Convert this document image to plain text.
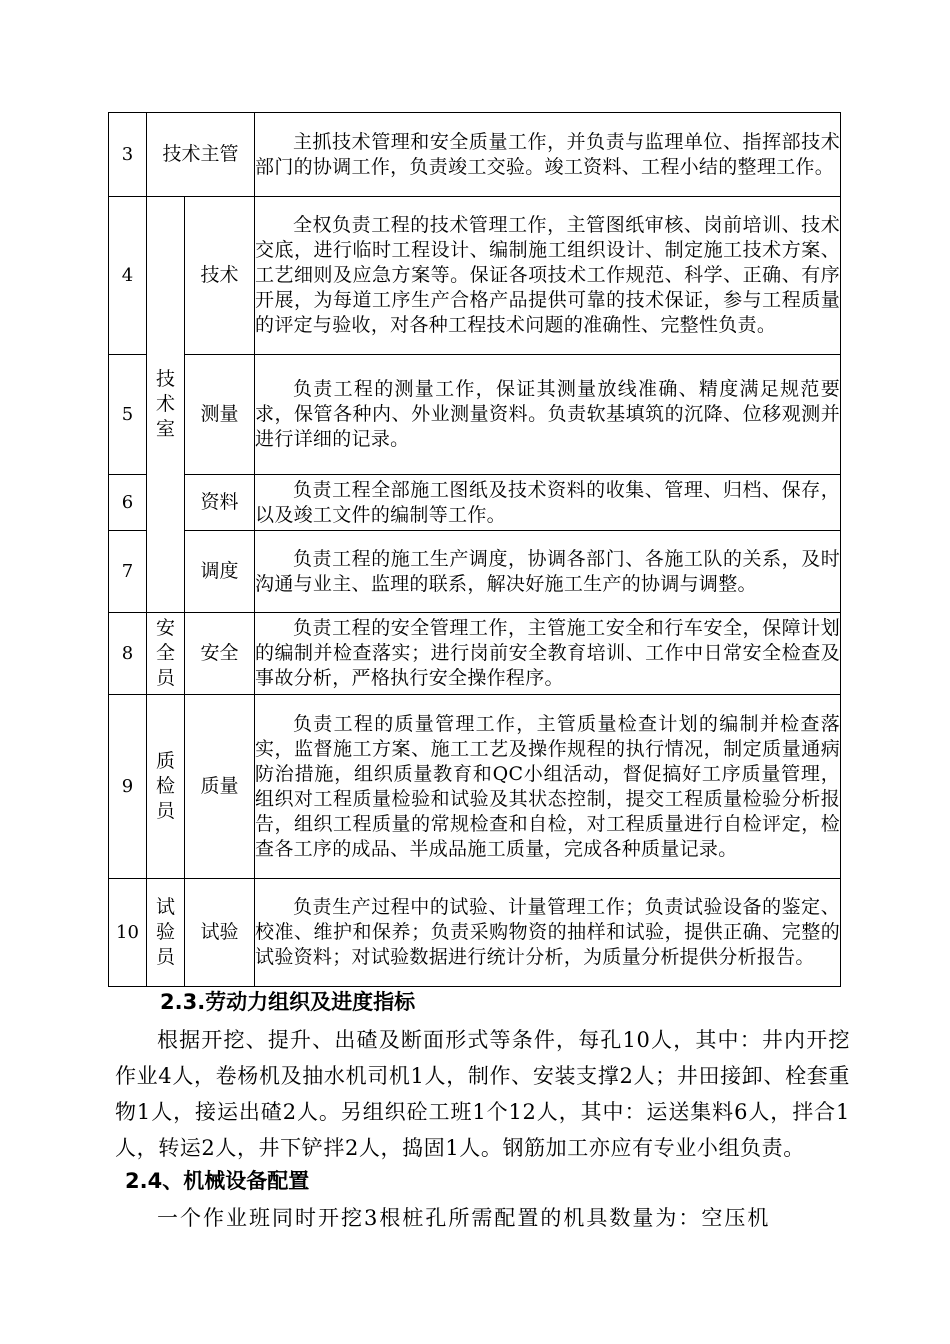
3	技术主管		主抓技术管理和安全质量工作，并负责与监理单位、指挥部技术部门的协调工作，负责竣工交验。竣工资料、工程小结的整理工作。

4	技术室	技术	全权负责工程的技术管理工作，主管图纸审核、岗前培训、技术交底，进行临时工程设计、编制施工组织设计、制定施工技术方案、工艺细则及应急方案等。保证各项技术工作规范、科学、正确、有序开展，为每道工序生产合格产品提供可靠的技术保证，参与工程质量的评定与验收，对各种工程技术问题的准确性、完整性负责。

5		测量	负责工程的测量工作，保证其测量放线准确、精度满足规范要求，保管各种内、外业测量资料。负责软基填筑的沉降、位移观测并进行详细的记录。

6		资料	负责工程全部施工图纸及技术资料的收集、管理、归档、保存，以及竣工文件的编制等工作。

7		调度	负责工程的施工生产调度，协调各部门、各施工队的关系，及时沟通与业主、监理的联系，解决好施工生产的协调与调整。

8	安全员	安全	负责工程的安全管理工作，主管施工安全和行车安全，保障计划的编制并检查落实；进行岗前安全教育培训、工作中日常安全检查及事故分析，严格执行安全操作程序。

9	质检员	质量	负责工程的质量管理工作，主管质量检查计划的编制并检查落实，监督施工方案、施工工艺及操作规程的执行情况，制定质量通病防治措施，组织质量教育和QC小组活动，督促搞好工序质量管理，组织对工程质量检验和试验及其状态控制，提交工程质量检验分析报告，组织工程质量的常规检查和自检，对工程质量进行自检评定，检查各工序的成品、半成品施工质量，完成各种质量记录。

10	试验员	试验	负责生产过程中的试验、计量管理工作；负责试验设备的鉴定、校准、维护和保养；负责采购物资的抽样和试验，提供正确、完整的试验资料；对试验数据进行统计分析，为质量分析提供分析报告。
2.3.劳动力组织及进度指标

根据开挖、提升、出碴及断面形式等条件，每孔10人，其中：井内开挖作业4人，卷杨机及抽水机司机1人，制作、安装支撑2人；井田接卸、栓套重物1人，接运出碴2人。另组织砼工班1个12人，其中：运送集料6人，拌合1人，转运2人，井下铲拌2人，捣固1人。钢筋加工亦应有专业小组负责。

2.4、机械设备配置

一个作业班同时开挖3根桩孔所需配置的机具数量为：空压机
